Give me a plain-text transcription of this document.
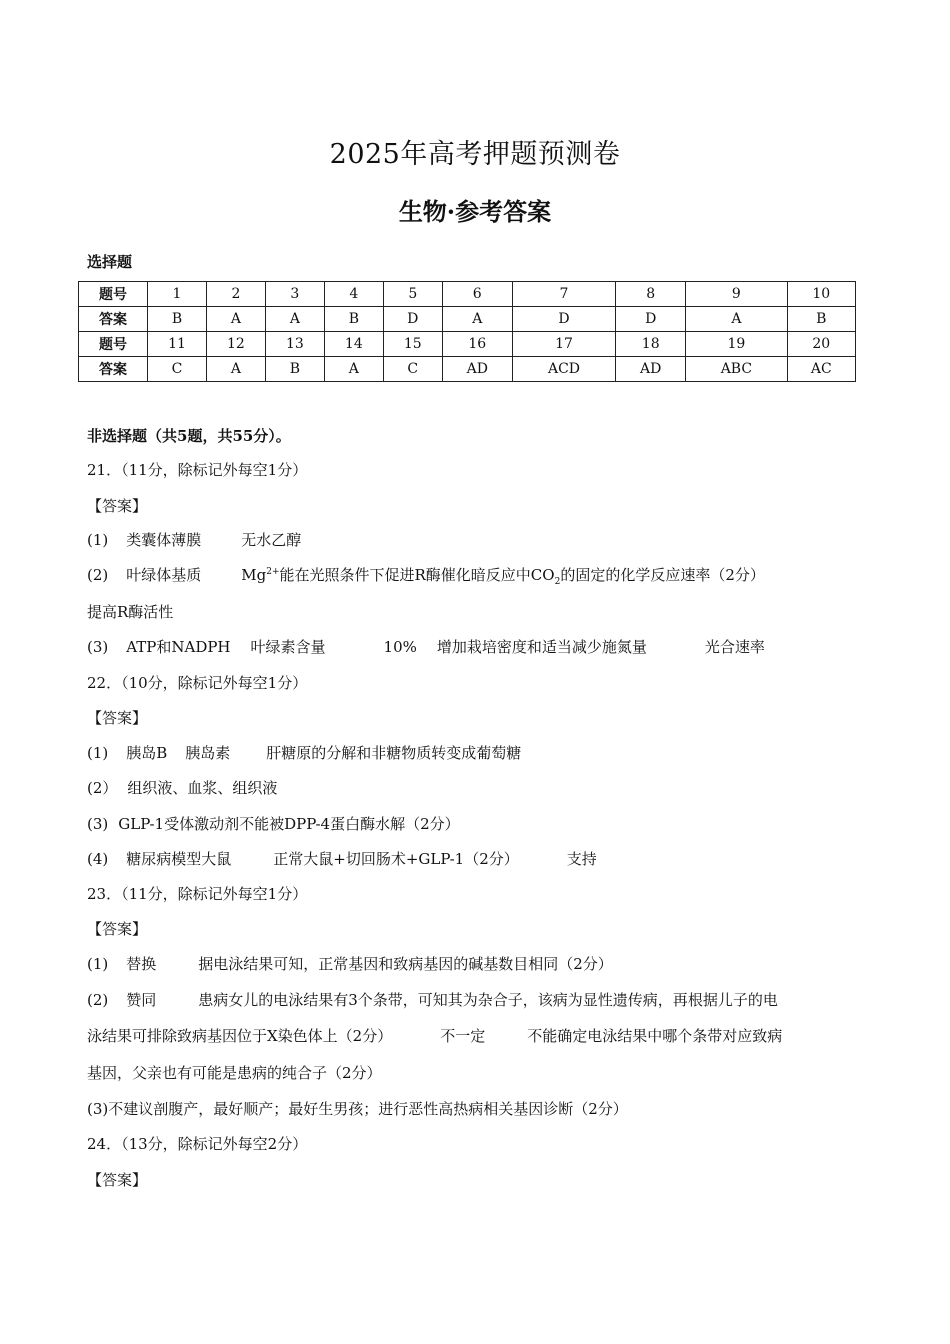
2025年高考押题预测卷
生物·参考答案
选择题
题号	1	2	3	4	5	6	7	8	9	10
答案	B	A	A	B	D	A	D	D	A	B
题号	11	12	13	14	15	16	17	18	19	20
答案	C	A	B	A	C	AD	ACD	AD	ABC	AC
非选择题（共5题，共55分）。
21．（11分，除标记外每空1分）
【答案】
(1) 类囊体薄膜	无水乙醇
(2) 叶绿体基质	$Mg^{2+}$能在光照条件下促进R酶催化暗反应中$CO_2$的固定的化学反应速率（2分）
提高R酶活性
(3) ATP和NADPH 叶绿素含量	10% 增加栽培密度和适当减少施氮量	光合速率
22．（10分，除标记外每空1分）
【答案】
(1) 胰岛B 胰岛素 肝糖原的分解和非糖物质转变成葡萄糖
(2） 组织液、血浆、组织液
(3) GLP-1受体激动剂不能被DPP-4蛋白酶水解（2分）
(4) 糖尿病模型大鼠	正常大鼠+切回肠术+GLP-1（2分）	支持
23．（11分，除标记外每空1分）
【答案】
(1) 替换	据电泳结果可知，正常基因和致病基因的碱基数目相同（2分）
(2) 赞同	患病女儿的电泳结果有3个条带，可知其为杂合子，该病为显性遗传病，再根据儿子的电
泳结果可排除致病基因位于X染色体上（2分）	不一定	不能确定电泳结果中哪个条带对应致病
基因，父亲也有可能是患病的纯合子（2分）
(3)不建议剖腹产，最好顺产；最好生男孩；进行恶性高热病相关基因诊断（2分）
24．（13分，除标记外每空2分）
【答案】
